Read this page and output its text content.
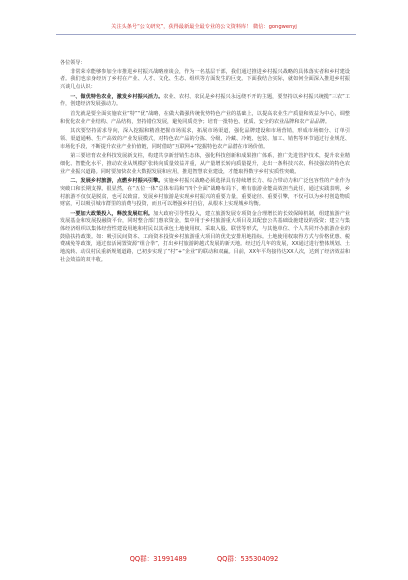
关注头条号“公文研究”，获得最新最全最专业的公文资料库！ 微信：gongwenyj
各位领导：

非常荣幸能够参加全市推进乡村振兴战略座谈会，作为一名基层干部，我们通过推进乡村振兴战略的具体落实者和乡村建设者。我们也亲身经历了乡村在产业、人才、文化、生态、组织等方面发生的巨变。下面我结合实际，就如何全面深入推进乡村振兴谈几点认识：

一、做优特色农业，激发乡村振兴活力。农业、农村、农民是乡村振兴永远绕不开的主题，要坚持以乡村振兴统揽“三农”工作，创建经济发展强动力。

首先就是要全面实施农业“特”“优”战略，在做大做强传统优势特色产业的基础上，以提高农业生产质量和效益为中心，调整和优化农业产业结构、产品结构，坚持错位发展，避免同质竞争；培育一批特色、优质、安全的农业品牌和农产品品牌。

其次要坚持需求导向，深入挖掘和精准把握市场需求，拓展市场渠道，强化品牌建设和市场营销，形成市场细分、订单引领、渠道通畅、生产高效的产业发展模式，对特色农产品的分拣、分级、冷藏、冷链、包装、加工、销售等环节通过行业规范、市场化手段，不断提升农业产业价值链，同时借助“互联网+”挖掘特色农产品潜在市场价值。

第三要培育农业科技发展新支柱，构建共享新营销生态体，强化科技创新和成果推广体系，推广先进管护技术，提升农业精细化、智能化水平，推动农业从规模扩张转向质量效益并重，从产量增长转向质量提升，走出一条科技兴农、科技强农的特色农业产业振兴道路。同时要加快农业大数据发展和应用，推进智慧农业建设，才能取得数字乡村实质性突破。

二、发展乡村旅游，点燃乡村振兴引擎。实施乡村振兴战略必须选择具有持续增长力、综合带动力和广泛包容性的产业作为突破口和长期支撑。很显然，在“五位一体”总体布局和“四个全面”战略布局下，唯有旅游业能高效担当此任，通过实践表明，乡村旅游不仅仅是脱贫，也可以致富。发展乡村旅游是实现乡村振兴的重要力量，重要途径、重要引擎，不仅可以为乡村创造物质财富，可以吸引城市群里的消费与投资，而且可以增强乡村自信，从根本上实现城乡均衡。

一要加大政策投入，释放发展红利。加大政府引导性投入，建立旅游发展专项资金合理增长的长效保障机制，组建旅游产业发展基金和发展投融资平台，同时整合部门惠农资金，集中用于乡村旅游重大项目及其配套公共基础设施建设的投资；建立与集体经济组织以集体经营性建设用地和村民以其承包土地使用权、采取入股、联营等形式，与其他单位、个人共同开办旅游企业的鼓励扶持政策。如：吸引民间资本、工商资本投资乡村旅游重大项目的优先安排用地指标。土地使用权取得方式与价格优惠、税费减免等政策，通过盘活闲置资源“组合拳”，打出乡村旅游跨越式发展的新天地。经过近几年的发展，XX通过进行整体规划、土地流转、动员村民重新规划道路，已初步实现了“村”+“企业”的联动和双赢。目前，XX年平均接待达XX人次，达到了经济效益和社会效益的双丰收。

QQ群：31991489	QQ群：535304092
